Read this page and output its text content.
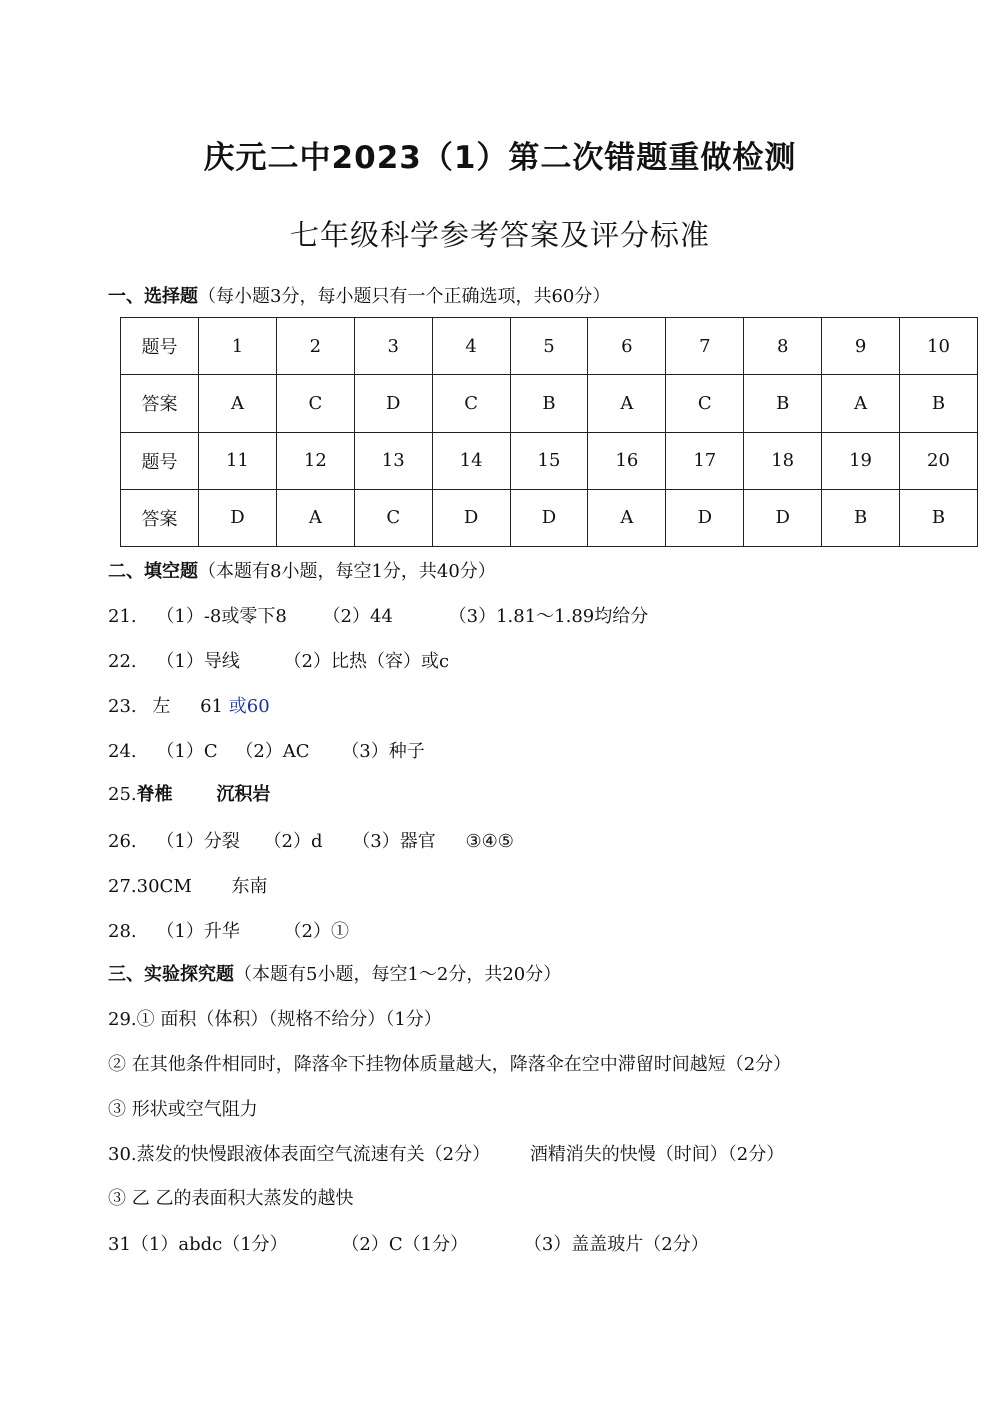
庆元二中2023（1）第二次错题重做检测
七年级科学参考答案及评分标准
一、选择题（每小题3分，每小题只有一个正确选项，共60分）
题号	1	2	3	4	5	6	7	8	9	10
答案	A	C	D	C	B	A	C	B	A	B
题号	11	12	13	14	15	16	17	18	19	20
答案	D	A	C	D	D	A	D	D	B	B
二、填空题（本题有8小题，每空1分，共40分）
21. （1）-8或零下8 （2）44	（3）1.81～1.89均给分
22. （1）导线 （2）比热（容）或c
23. 左 61 或60
24. （1）C （2）AC （3）种子
25.脊椎 沉积岩
26. （1）分裂 （2）d （3）器官 ③④⑤
27.30CM 东南
28. （1）升华 （2）①
三、实验探究题（本题有5小题，每空1～2分，共20分）
29.① 面积（体积）（规格不给分）（1分）
② 在其他条件相同时，降落伞下挂物体质量越大，降落伞在空中滞留时间越短（2分）
③ 形状或空气阻力
30.蒸发的快慢跟液体表面空气流速有关（2分） 酒精消失的快慢（时间）（2分）
③ 乙 乙的表面积大蒸发的越快
31（1）abdc（1分）	（2）C（1分）	（3）盖盖玻片（2分）
